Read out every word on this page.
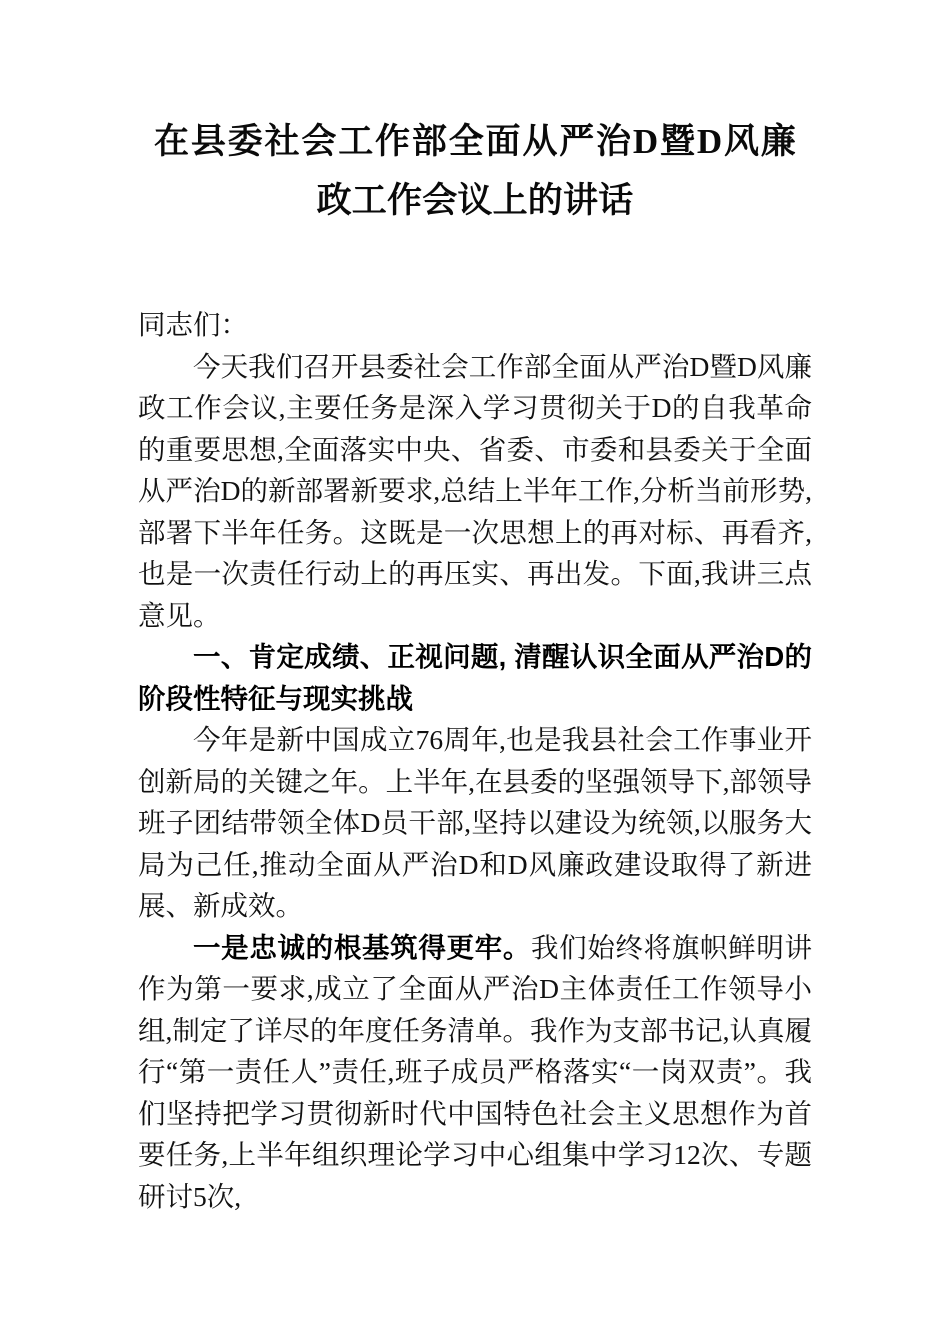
在县委社会工作部全面从严治D暨D风廉
政工作会议上的讲话

同志们：

今天我们召开县委社会工作部全面从严治D暨D风廉政工作会议,主要任务是深入学习贯彻关于D的自我革命的重要思想,全面落实中央、省委、市委和县委关于全面从严治D的新部署新要求,总结上半年工作,分析当前形势,部署下半年任务。这既是一次思想上的再对标、再看齐,也是一次责任行动上的再压实、再出发。下面,我讲三点意见。

一、肯定成绩、正视问题, 清醒认识全面从严治D的阶段性特征与现实挑战

今年是新中国成立76周年,也是我县社会工作事业开创新局的关键之年。上半年,在县委的坚强领导下,部领导班子团结带领全体D员干部,坚持以建设为统领,以服务大局为己任,推动全面从严治D和D风廉政建设取得了新进展、新成效。

一是忠诚的根基筑得更牢。我们始终将旗帜鲜明讲作为第一要求,成立了全面从严治D主体责任工作领导小组,制定了详尽的年度任务清单。我作为支部书记,认真履行“第一责任人”责任,班子成员严格落实“一岗双责”。我们坚持把学习贯彻新时代中国特色社会主义思想作为首要任务,上半年组织理论学习中心组集中学习12次、专题研讨5次,
